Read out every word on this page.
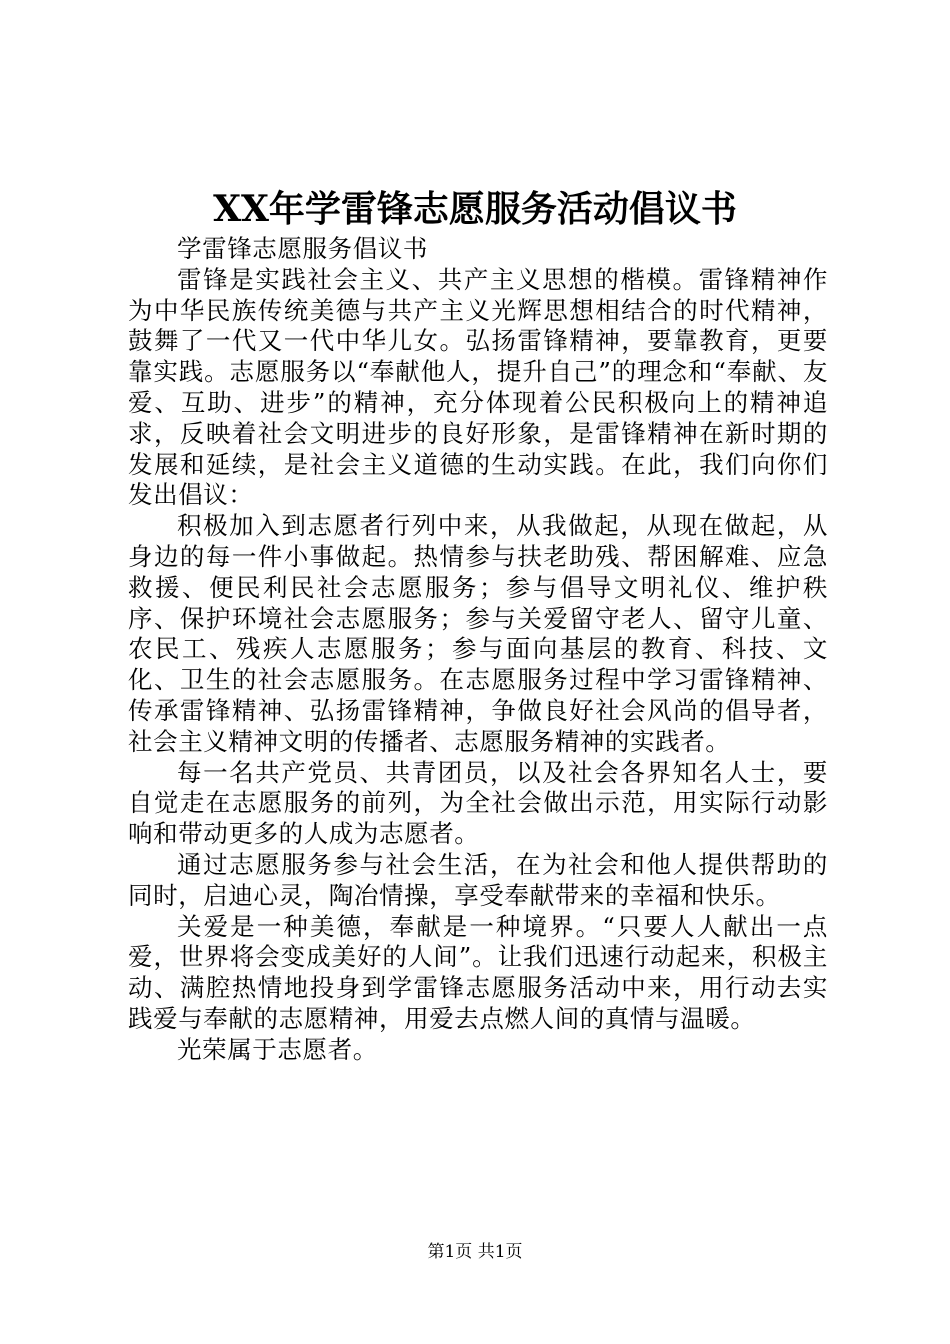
XX年学雷锋志愿服务活动倡议书

学雷锋志愿服务倡议书

雷锋是实践社会主义、共产主义思想的楷模。雷锋精神作为中华民族传统美德与共产主义光辉思想相结合的时代精神，鼓舞了一代又一代中华儿女。弘扬雷锋精神，要靠教育，更要靠实践。志愿服务以“奉献他人，提升自己”的理念和“奉献、友爱、互助、进步”的精神，充分体现着公民积极向上的精神追求，反映着社会文明进步的良好形象，是雷锋精神在新时期的发展和延续，是社会主义道德的生动实践。在此，我们向你们发出倡议：

积极加入到志愿者行列中来，从我做起，从现在做起，从身边的每一件小事做起。热情参与扶老助残、帮困解难、应急救援、便民利民社会志愿服务；参与倡导文明礼仪、维护秩序、保护环境社会志愿服务；参与关爱留守老人、留守儿童、农民工、残疾人志愿服务；参与面向基层的教育、科技、文化、卫生的社会志愿服务。在志愿服务过程中学习雷锋精神、传承雷锋精神、弘扬雷锋精神，争做良好社会风尚的倡导者，社会主义精神文明的传播者、志愿服务精神的实践者。

每一名共产党员、共青团员，以及社会各界知名人士，要自觉走在志愿服务的前列，为全社会做出示范，用实际行动影响和带动更多的人成为志愿者。

通过志愿服务参与社会生活，在为社会和他人提供帮助的同时，启迪心灵，陶冶情操，享受奉献带来的幸福和快乐。

关爱是一种美德，奉献是一种境界。“只要人人献出一点爱，世界将会变成美好的人间”。让我们迅速行动起来，积极主动、满腔热情地投身到学雷锋志愿服务活动中来，用行动去实践爱与奉献的志愿精神，用爱去点燃人间的真情与温暖。

光荣属于志愿者。

第1页 共1页
